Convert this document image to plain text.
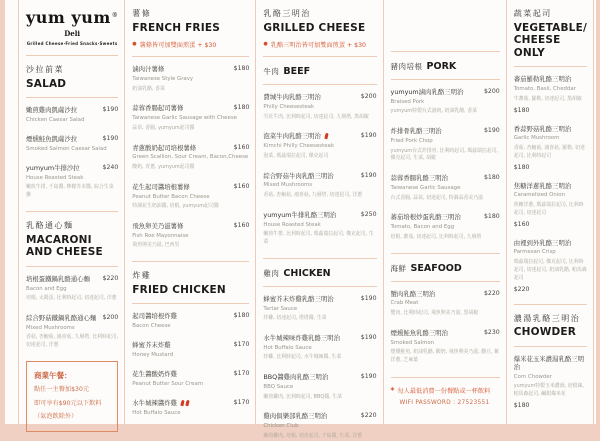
yum yum®
Deli
Grilled Cheese·Fried Snacks·Sweets
沙拉前菜
SALAD
嫩煎雞肉凱薩沙拉	$190
Chicken Caesar Salad
煙燻鮭魚凱薩沙拉	$190
Smoked Salmon Caesar Salad
yumyum牛排沙拉	$240
House Roasted Steak
嫩煎牛排, 千島醬, 檸檬芥末醬, 綜合生菜盤
乳酪通心麵
MACARONI AND CHEESE
培根蛋鐵鍋乳酪通心麵 $220
Bacon and Egg
培根, 太陽蛋, 比利時起司, 切達起司, 洋蔥
綜合野菇鐵鍋乳酪通心麵 $200
Mixed Mushrooms
香菇, 杏鮑菇, 鴻喜菇, 九層塔, 比利時起司, 切達起司, 洋蔥
商業午餐：
點任一主餐加$30元
即可享有$90元以下飲料
（氣泡飲除外）
薯條
FRENCH FRIES
● 薯條皆可加雙面煎蛋 + $30
滷肉汁薯條	$180
Taiwanese Style Gravy
奶油乳酪, 香菜
蒜蓉香腸起司薯條	$180
Taiwanese Garlic Sausage with Cheese
蒜苗, 香腸, yumyum起司醬
青蔥酸奶起司培根薯條	$160
Green Scallion, Sour Cream, Bacon,Cheese
酸奶, 青蔥, yumyum起司醬
花生起司醬培根薯條	$160
Peanut Butter Bacon Cheese
特調花生奶油醬, 培根, yumyum起司醬
飛魚卵美乃滋薯條	$160
Fish Roe Mayonnaise
飛魚卵美乃滋, 巴西里
炸雞
FRIED CHICKEN
起司醬培根炸雞	$180
Bacon Cheese
蜂蜜芥末炸雞	$170
Honey Mustard
花生醬酸奶炸雞	$170
Peanut Butter Sour Cream
水牛城辣醬炸雞	$170
Hot Buffalo Sauce
乳酪三明治
GRILLED CHEESE
● 乳酪三明治皆可加雙面煎蛋 + $30
牛肉 BEEF
費城牛肉乳酪三明治	$200
Philly Cheesesteak
雪花牛肉, 比利時起司, 切達起司, 九層塔, 黑胡椒
泡菜牛肉乳酪三明治	$190
Kimchi Philly Cheesesteak
泡菜, 瑪茲瑞拉起司, 傑克起司
綜合野菇牛肉乳酪三明治	$190
Mixed Mushrooms
香菇, 杏鮑菇, 鴻喜菇, 九層塔, 切達起司, 洋蔥
yumyum牛排乳酪三明治	$250
House Roasted Steak
嫩煎牛排, 比利時起司, 瑪茲瑞拉起司, 傑克起司, 生菜
雞肉 CHICKEN
蜂蜜芥末炸雞乳酪三明治	$190
Tartar Sauce
炸雞, 切達起司, 塔塔醬, 生菜
水牛城辣味炸雞乳酪三明治	$190
Hot Buffalo Sauce
炸雞, 比利時起司, 水牛城辣醬, 生菜
BBQ醬雞肉乳酪三明治	$190
BBQ Sauce
嫩煎雞肉, 比利時起司, BBQ醬, 生菜
雞肉俱樂部乳酪三明治	$220
Chicken Club
嫩煎雞肉, 培根, 切達起司, 千島醬, 生菜, 洋蔥
豬肉培根 PORK
yumyum滷肉乳酪三明治	$200
Braised Pork
yumyum特製台式滷肉, 奶油乳酪, 香菜
炸排骨乳酪三明治	$190
Fried Pork Chop
yumyum台式炸排骨, 比利時起司, 瑪茲瑞拉起司, 傑克起司, 生菜, 胡椒
蒜蓉香腸乳酪三明治	$180
Taiwanese Garlic Sausage
台式香腸, 蒜苗, 切達起司, 特調蒜香美乃滋
蕃茄培根炒蛋乳酪三明治	$180
Tomato, Bacon and Egg
培根, 蕃茄, 切達起司, 比利時起司, 九層塔
海鮮 SEAFOOD
蟹肉乳酪三明治	$220
Crab Meat
蟹肉, 比利時起司, 飛魚卵美乃滋, 黑胡椒
煙燻鮭魚乳酪三明治	$230
Smoked Salmon
煙燻鮭魚, 奶油乳酪, 酸奶, 飛魚卵美乃滋, 酸豆, 紫洋蔥, 芝麻葉
* 每人最低消費一份餐點或一杯飲料
WIFI PASSWORD : 27523551
蔬菜起司
VEGETABLE/ CHEESE ONLY
蕃茄羅勒乳酪三明治
Tomato, Basil, Cheddar
牛蕃茄, 羅勒, 切達起司, 黑胡椒
$180
香蒜野菇乳酪三明治
Garlic Mushroom
香菇, 杏鮑菇, 鴻喜菇, 羅勒, 切達起司, 比利時起司
$180
焦糖洋蔥乳酪三明治
Caramelized Onion
焦糖洋蔥, 瑪茲瑞拉起司, 比利時起司, 切達起司
$160
由裡到外乳酪三明治
Parmesan Crisp
瑪茲瑞拉起司, 傑克起司, 比利時起司, 切達起司, 奶油乳酪, 帕馬森起司
$220
濃湯乳酪三明治
CHOWDER
爆米花玉米濃湯乳酪三明治
Corn Chowder
yumyum特製玉米濃湯, 培根絲, 帕馬森起司, 鹹甜爆米花
$180
